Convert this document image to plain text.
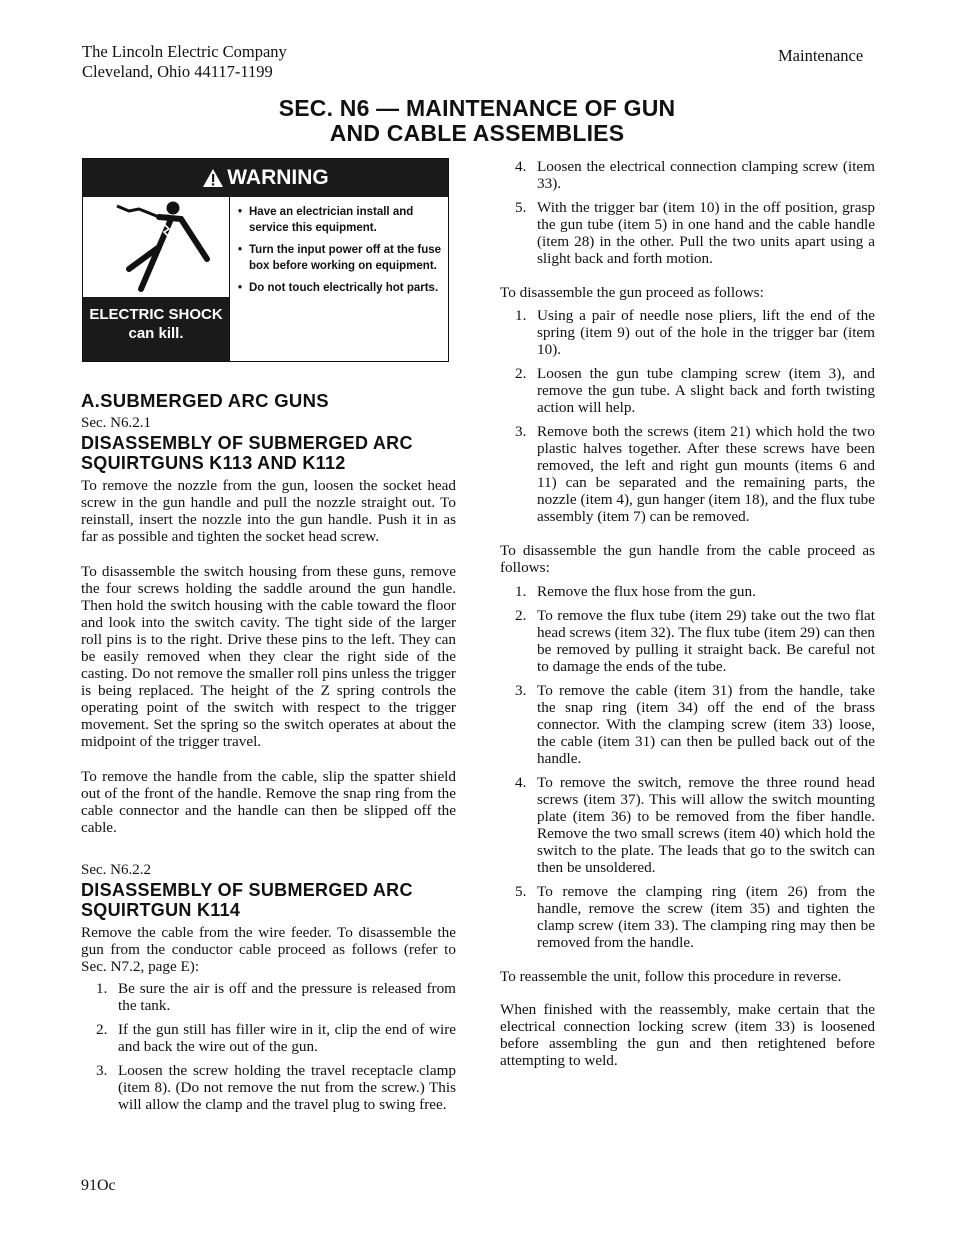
The Lincoln Electric Company
Cleveland, Ohio 44117-1199
Maintenance
SEC. N6 — MAINTENANCE OF GUN
AND CABLE ASSEMBLIES
WARNING
ELECTRIC SHOCK
can kill.
• Have an electrician install and service this equipment.
• Turn the input power off at the fuse box before working on equipment.
• Do not touch electrically hot parts.
A.SUBMERGED ARC GUNS
Sec. N6.2.1
DISASSEMBLY OF SUBMERGED ARC
SQUIRTGUNS K113 AND K112

To remove the nozzle from the gun, loosen the socket head screw in the gun handle and pull the nozzle straight out. To reinstall, insert the nozzle into the gun handle. Push it in as far as possible and tighten the socket head screw.

To disassemble the switch housing from these guns, remove the four screws holding the saddle around the gun handle. Then hold the switch housing with the cable toward the floor and look into the switch cavity. The tight side of the larger roll pins is to the right. Drive these pins to the left. They can be easily removed when they clear the right side of the casting. Do not remove the smaller roll pins unless the trigger is being replaced. The height of the Z spring controls the operating point of the switch with respect to the trigger movement. Set the spring so the switch operates at about the midpoint of the trigger travel.

To remove the handle from the cable, slip the spatter shield out of the front of the handle. Remove the snap ring from the cable connector and the handle can then be slipped off the cable.

Sec. N6.2.2
DISASSEMBLY OF SUBMERGED ARC
SQUIRTGUN K114

Remove the cable from the wire feeder. To disassemble the gun from the conductor cable proceed as follows (refer to Sec. N7.2, page E):

1. Be sure the air is off and the pressure is released from the tank.
2. If the gun still has filler wire in it, clip the end of wire and back the wire out of the gun.
3. Loosen the screw holding the travel receptacle clamp (item 8). (Do not remove the nut from the screw.) This will allow the clamp and the travel plug to swing free.
4. Loosen the electrical connection clamping screw (item 33).
5. With the trigger bar (item 10) in the off position, grasp the gun tube (item 5) in one hand and the cable handle (item 28) in the other. Pull the two units apart using a slight back and forth motion.

To disassemble the gun proceed as follows:

1. Using a pair of needle nose pliers, lift the end of the spring (item 9) out of the hole in the trigger bar (item 10).
2. Loosen the gun tube clamping screw (item 3), and remove the gun tube. A slight back and forth twisting action will help.
3. Remove both the screws (item 21) which hold the two plastic halves together. After these screws have been removed, the left and right gun mounts (items 6 and 11) can be separated and the remaining parts, the nozzle (item 4), gun hanger (item 18), and the flux tube assembly (item 7) can be removed.

To disassemble the gun handle from the cable proceed as follows:

1. Remove the flux hose from the gun.
2. To remove the flux tube (item 29) take out the two flat head screws (item 32). The flux tube (item 29) can then be removed by pulling it straight back. Be careful not to damage the ends of the tube.
3. To remove the cable (item 31) from the handle, take the snap ring (item 34) off the end of the brass connector. With the clamping screw (item 33) loose, the cable (item 31) can then be pulled back out of the handle.
4. To remove the switch, remove the three round head screws (item 37). This will allow the switch mounting plate (item 36) to be removed from the fiber handle. Remove the two small screws (item 40) which hold the switch to the plate. The leads that go to the switch can then be unsoldered.
5. To remove the clamping ring (item 26) from the handle, remove the screw (item 35) and tighten the clamp screw (item 33). The clamping ring may then be removed from the handle.

To reassemble the unit, follow this procedure in reverse.

When finished with the reassembly, make certain that the electrical connection locking screw (item 33) is loosened before assembling the gun and then retightened before attempting to weld.

91Oc
